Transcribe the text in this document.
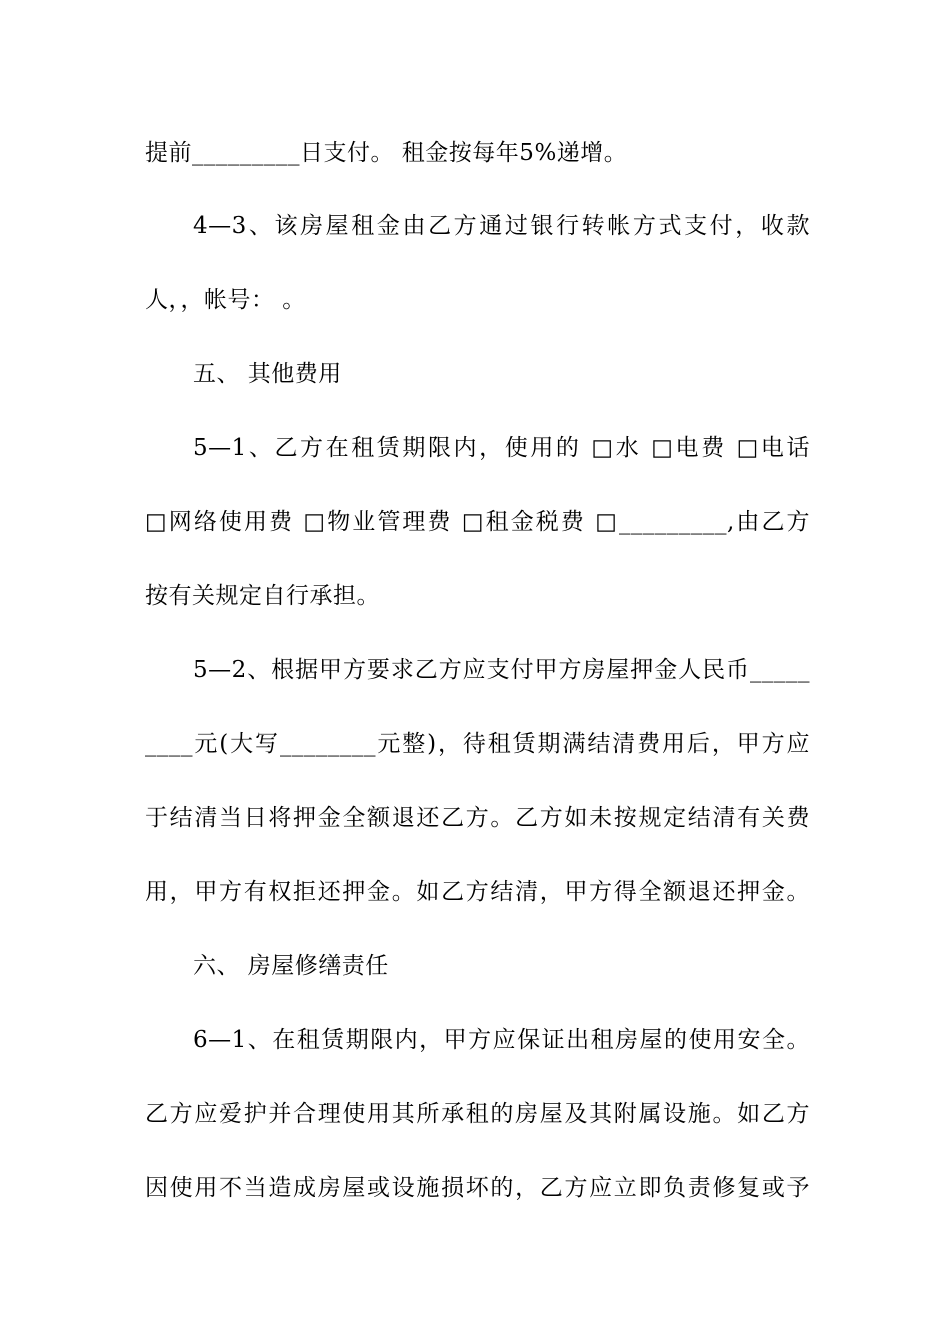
提前_________日支付。 租金按每年5%递增。
4—3、该房屋租金由乙方通过银行转帐方式支付，收款
人，，帐号： 。
五、 其他费用
5—1、乙方在租赁期限内，使用的 □水 □电费 □电话
□网络使用费 □物业管理费 □租金税费 □_________,由乙方
按有关规定自行承担。
5—2、根据甲方要求乙方应支付甲方房屋押金人民币_____
____元(大写________元整)，待租赁期满结清费用后，甲方应
于结清当日将押金全额退还乙方。乙方如未按规定结清有关费
用，甲方有权拒还押金。如乙方结清，甲方得全额退还押金。
六、 房屋修缮责任
6—1、在租赁期限内，甲方应保证出租房屋的使用安全。
乙方应爱护并合理使用其所承租的房屋及其附属设施。如乙方
因使用不当造成房屋或设施损坏的，乙方应立即负责修复或予
